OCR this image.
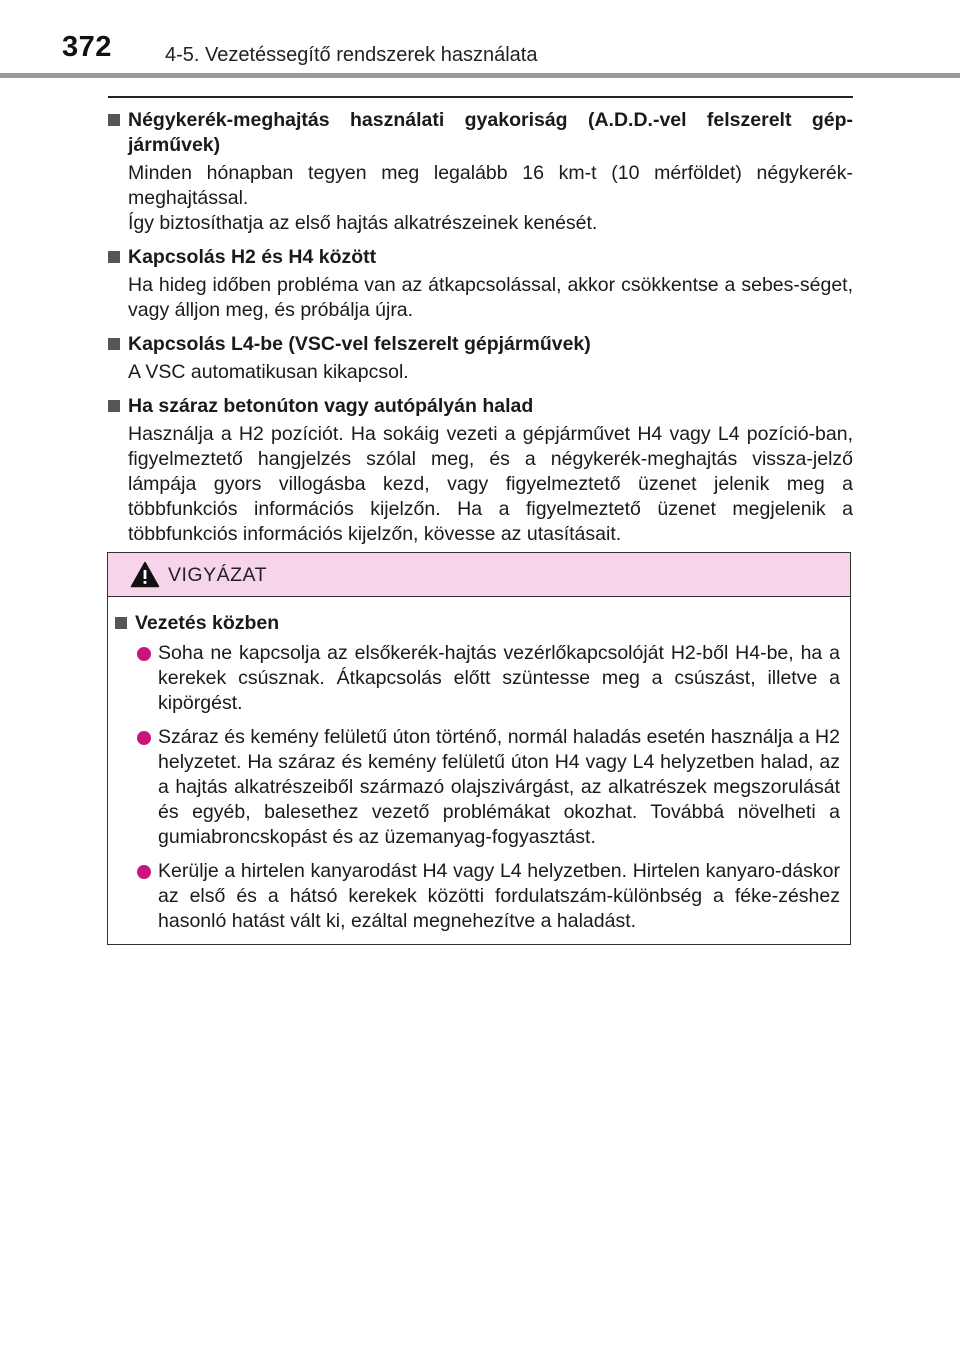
372	4-5. Vezetéssegítő rendszerek használata
Négykerék-meghajtás használati gyakoriság (A.D.D.-vel felszerelt gép-járművek)

Minden hónapban tegyen meg legalább 16 km-t (10 mérföldet) négykerék-meghajtással.

Így biztosíthatja az első hajtás alkatrészeinek kenését.

Kapcsolás H2 és H4 között

Ha hideg időben probléma van az átkapcsolással, akkor csökkentse a sebes-séget, vagy álljon meg, és próbálja újra.

Kapcsolás L4-be (VSC-vel felszerelt gépjárművek)

A VSC automatikusan kikapcsol.

Ha száraz betonúton vagy autópályán halad

Használja a H2 pozíciót. Ha sokáig vezeti a gépjárművet H4 vagy L4 pozíció-ban, figyelmeztető hangjelzés szólal meg, és a négykerék-meghajtás vissza-jelző lámpája gyors villogásba kezd, vagy figyelmeztető üzenet jelenik meg a többfunkciós információs kijelzőn. Ha a figyelmeztető üzenet megjelenik a többfunkciós információs kijelzőn, kövesse az utasításait.

VIGYÁZAT
Vezetés közben
Soha ne kapcsolja az elsőkerék-hajtás vezérlőkapcsolóját H2-ből H4-be, ha a kerekek csúsznak. Átkapcsolás előtt szüntesse meg a csúszást, illetve a kipörgést.
Száraz és kemény felületű úton történő, normál haladás esetén használja a H2 helyzetet. Ha száraz és kemény felületű úton H4 vagy L4 helyzetben halad, az a hajtás alkatrészeiből származó olajszivárgást, az alkatrészek megszorulását és egyéb, balesethez vezető problémákat okozhat. Továbbá növelheti a gumiabroncskopást és az üzemanyag-fogyasztást.
Kerülje a hirtelen kanyarodást H4 vagy L4 helyzetben. Hirtelen kanyaro-dáskor az első és a hátsó kerekek közötti fordulatszám-különbség a féke-zéshez hasonló hatást vált ki, ezáltal megnehezítve a haladást.
